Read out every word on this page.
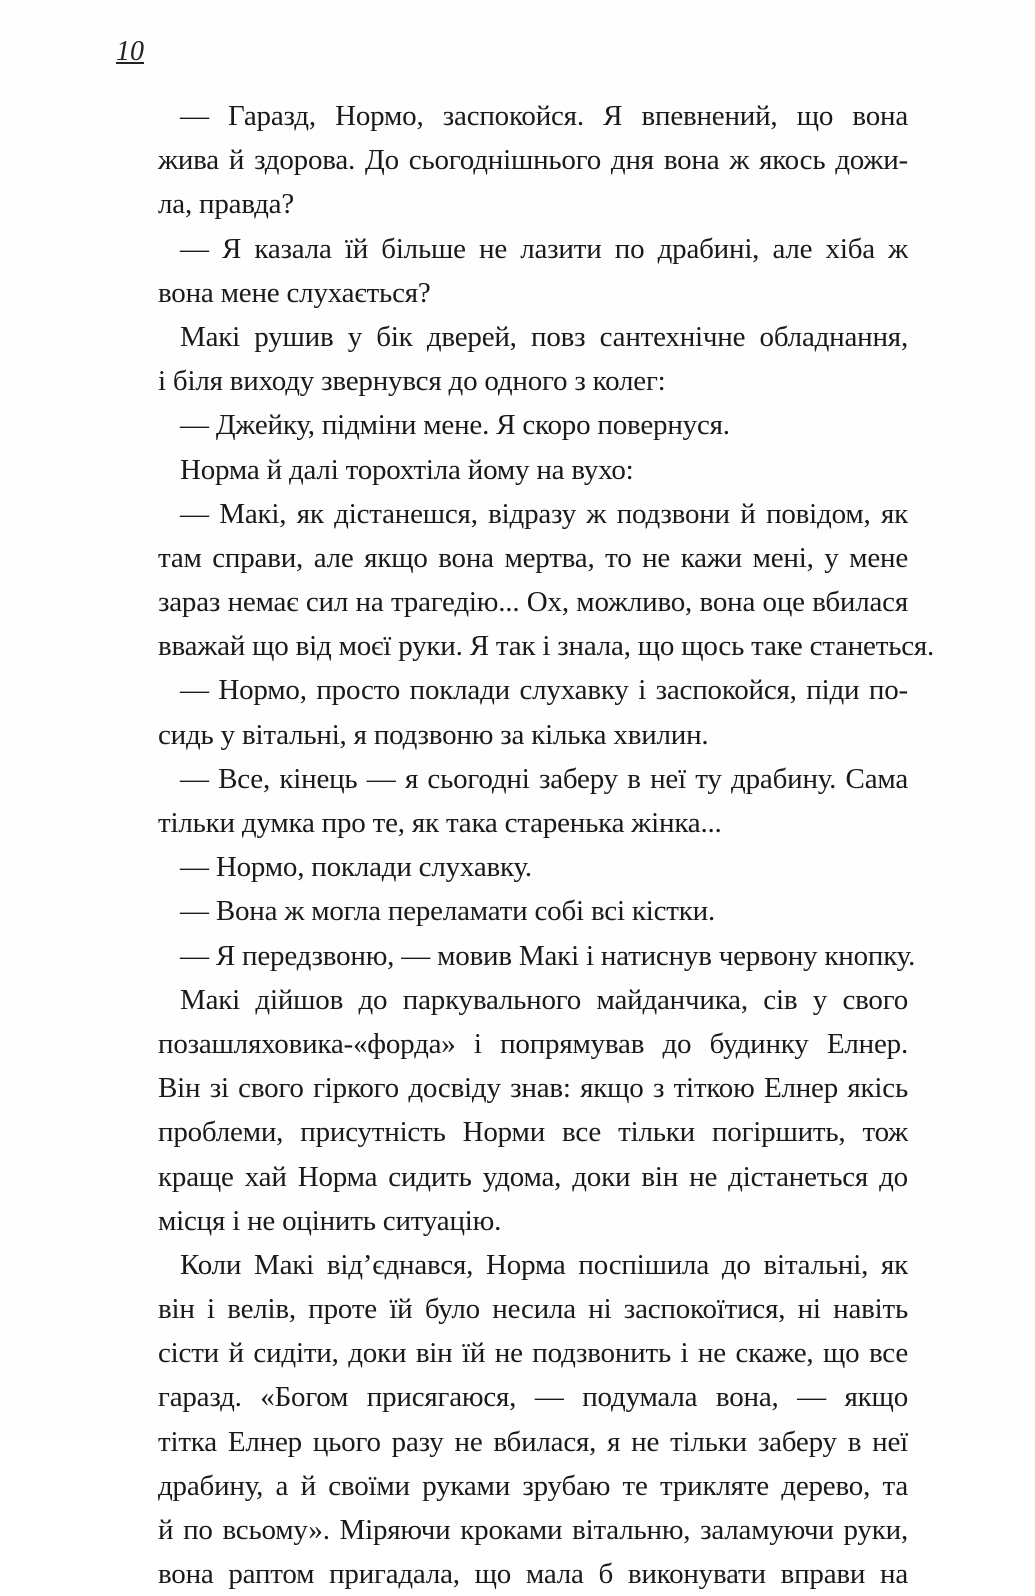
10
— Гаразд, Нормо, заспокойся. Я впевнений, що вона
жива й здорова. До сьогоднішнього дня вона ж якось дожи-
ла, правда?
— Я казала їй більше не лазити по драбині, але хіба ж
вона мене слухається?
Макі рушив у бік дверей, повз сантехнічне обладнання,
і біля виходу звернувся до одного з колег:
— Джейку, підміни мене. Я скоро повернуся.
Норма й далі торохтіла йому на вухо:
— Макі, як дістанешся, відразу ж подзвони й повідом, як
там справи, але якщо вона мертва, то не кажи мені, у мене
зараз немає сил на трагедію... Ох, можливо, вона оце вбилася
вважай що від моєї руки. Я так і знала, що щось таке станеться.
— Нормо, просто поклади слухавку і заспокойся, піди по-
сидь у вітальні, я подзвоню за кілька хвилин.
— Все, кінець — я сьогодні заберу в неї ту драбину. Сама
тільки думка про те, як така старенька жінка...
— Нормо, поклади слухавку.
— Вона ж могла переламати собі всі кістки.
— Я передзвоню, — мовив Макі і натиснув червону кнопку.
Макі дійшов до паркувального майданчика, сів у свого
позашляховика-«форда» і попрямував до будинку Елнер.
Він зі свого гіркого досвіду знав: якщо з тіткою Елнер якісь
проблеми, присутність Норми все тільки погіршить, тож
краще хай Норма сидить удома, доки він не дістанеться до
місця і не оцінить ситуацію.
Коли Макі від’єднався, Норма поспішила до вітальні, як
він і велів, проте їй було несила ні заспокоїтися, ні навіть
сісти й сидіти, доки він їй не подзвонить і не скаже, що все
гаразд. «Богом присягаюся, — подумала вона, — якщо
тітка Елнер цього разу не вбилася, я не тільки заберу в неї
драбину, а й своїми руками зрубаю те трикляте дерево, та
й по всьому». Міряючи кроками вітальню, заламуючи руки,
вона раптом пригадала, що мала б виконувати вправи на
